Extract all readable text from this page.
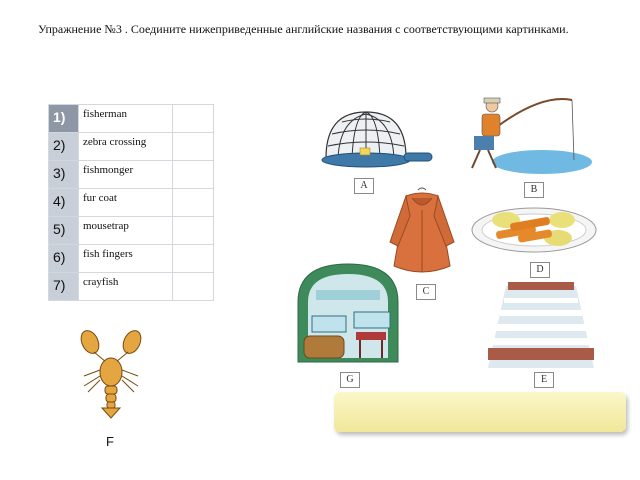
Упражнение №3 . Соедините нижеприведенные английские названия с соответствующими картинками.
1)	fisherman	
2)	zebra crossing	
3)	fishmonger	
4)	fur coat	
5)	mousetrap	
6)	fish fingers	
7)	crayfish	
A	B
C
D
G	E
F
